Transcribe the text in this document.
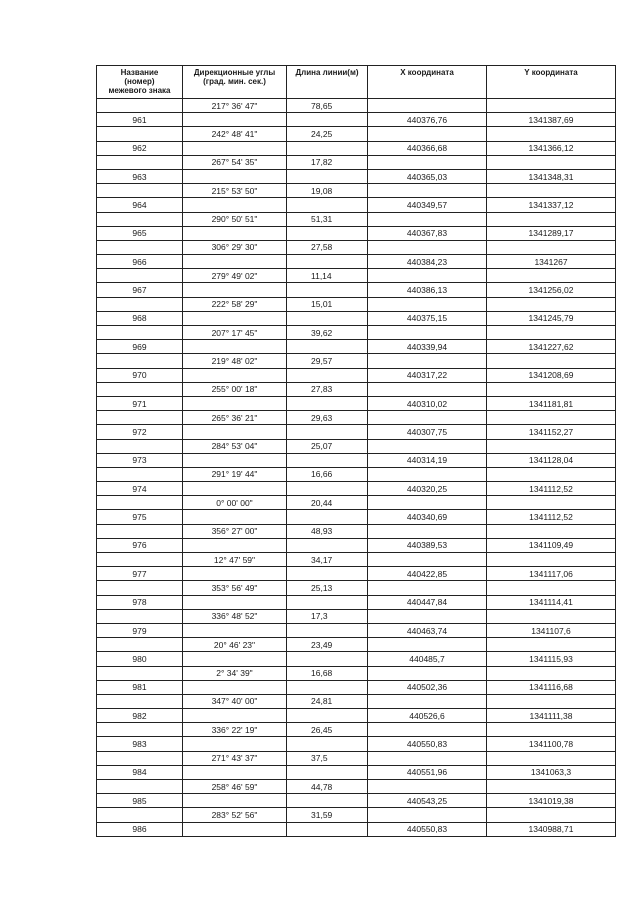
Название
(номер)
межевого знака	Дирекционные углы
(град. мин. сек.)	Длина линии(м)	X координата	Y координата
	217° 36' 47"	78,65		
961			440376,76	1341387,69
	242° 48' 41"	24,25		
962			440366,68	1341366,12
	267° 54' 35"	17,82		
963			440365,03	1341348,31
	215° 53' 50"	19,08		
964			440349,57	1341337,12
	290° 50' 51"	51,31		
965			440367,83	1341289,17
	306° 29' 30"	27,58		
966			440384,23	1341267
	279° 49' 02"	11,14		
967			440386,13	1341256,02
	222° 58' 29"	15,01		
968			440375,15	1341245,79
	207° 17' 45"	39,62		
969			440339,94	1341227,62
	219° 48' 02"	29,57		
970			440317,22	1341208,69
	255° 00' 18"	27,83		
971			440310,02	1341181,81
	265° 36' 21"	29,63		
972			440307,75	1341152,27
	284° 53' 04"	25,07		
973			440314,19	1341128,04
	291° 19' 44"	16,66		
974			440320,25	1341112,52
	0° 00' 00"	20,44		
975			440340,69	1341112,52
	356° 27' 00"	48,93		
976			440389,53	1341109,49
	12° 47' 59"	34,17		
977			440422,85	1341117,06
	353° 56' 49"	25,13		
978			440447,84	1341114,41
	336° 48' 52"	17,3		
979			440463,74	1341107,6
	20° 46' 23"	23,49		
980			440485,7	1341115,93
	2° 34' 39"	16,68		
981			440502,36	1341116,68
	347° 40' 00"	24,81		
982			440526,6	1341111,38
	336° 22' 19"	26,45		
983			440550,83	1341100,78
	271° 43' 37"	37,5		
984			440551,96	1341063,3
	258° 46' 59"	44,78		
985			440543,25	1341019,38
	283° 52' 56"	31,59		
986			440550,83	1340988,71
